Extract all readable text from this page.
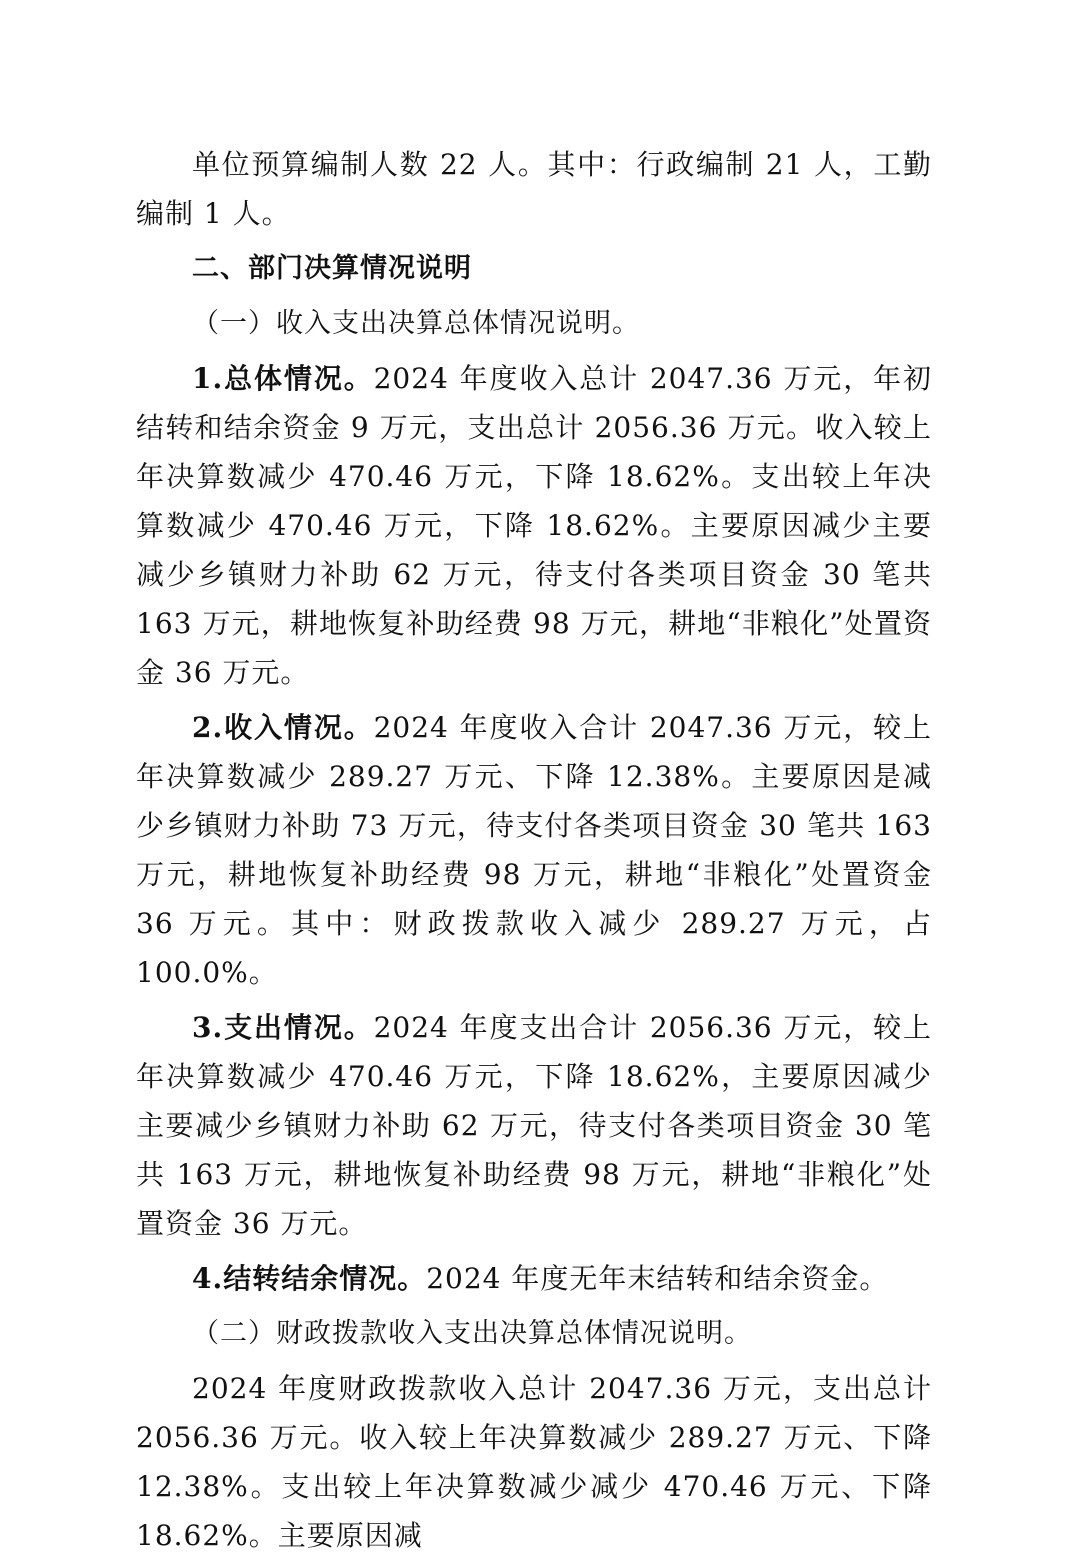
单位预算编制人数 22 人。其中：行政编制 21 人，工勤编制 1 人。

二、部门决算情况说明

（一）收入支出决算总体情况说明。

1.总体情况。2024 年度收入总计 2047.36 万元，年初结转和结余资金 9 万元，支出总计 2056.36 万元。收入较上年决算数减少 470.46 万元，下降 18.62%。支出较上年决算数减少 470.46 万元，下降 18.62%。主要原因减少主要减少乡镇财力补助 62 万元，待支付各类项目资金 30 笔共 163 万元，耕地恢复补助经费 98 万元，耕地“非粮化”处置资金 36 万元。

2.收入情况。2024 年度收入合计 2047.36 万元，较上年决算数减少 289.27 万元、下降 12.38%。主要原因是减少乡镇财力补助 73 万元，待支付各类项目资金 30 笔共 163 万元，耕地恢复补助经费 98 万元，耕地“非粮化”处置资金 36 万元。其中：财政拨款收入减少 289.27 万元，占 100.0%。

3.支出情况。2024 年度支出合计 2056.36 万元，较上年决算数减少 470.46 万元，下降 18.62%，主要原因减少主要减少乡镇财力补助 62 万元，待支付各类项目资金 30 笔共 163 万元，耕地恢复补助经费 98 万元，耕地“非粮化”处置资金 36 万元。

4.结转结余情况。2024 年度无年末结转和结余资金。

（二）财政拨款收入支出决算总体情况说明。

2024 年度财政拨款收入总计 2047.36 万元，支出总计 2056.36 万元。收入较上年决算数减少 289.27 万元、下降 12.38%。支出较上年决算数减少减少 470.46 万元、下降 18.62%。主要原因减
